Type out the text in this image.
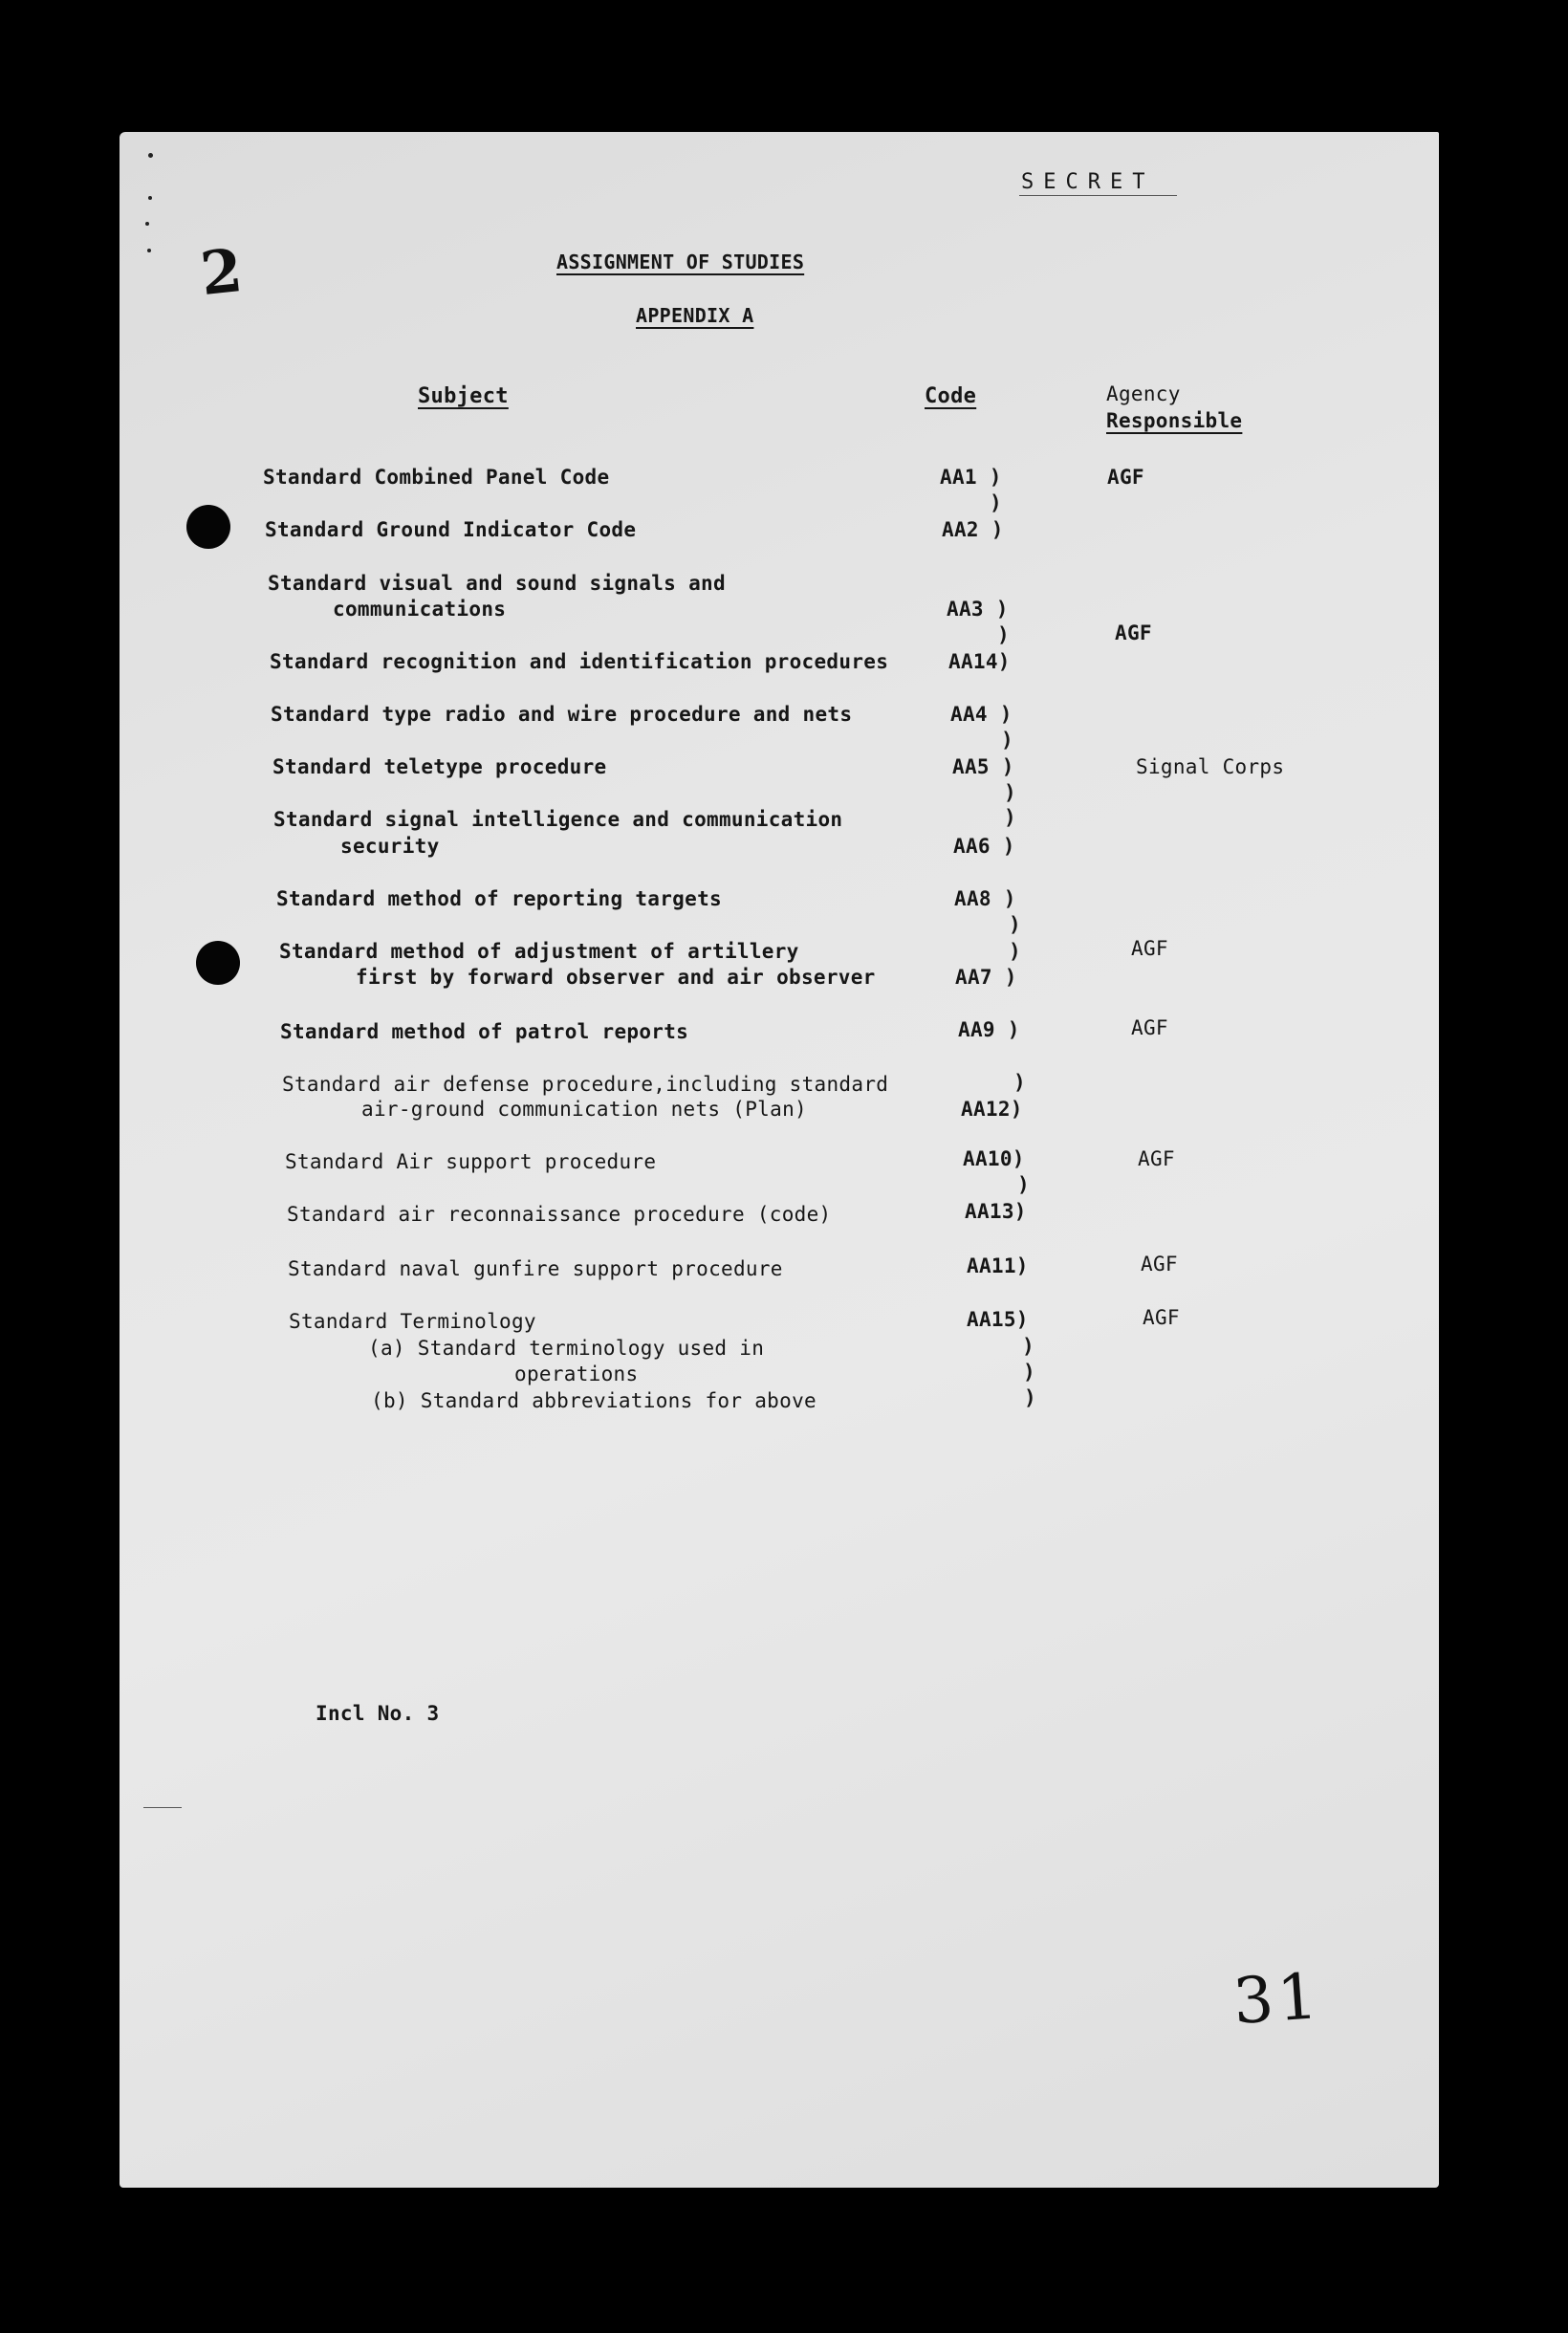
2
SECRET
ASSIGNMENT OF STUDIES
APPENDIX A
Subject	Code	Agency
Responsible
Standard Combined Panel Code	AA1 )	AGF
)
Standard Ground Indicator Code	AA2 )
Standard visual and sound signals and
communications	AA3 )
)	AGF
Standard recognition and identification procedures	AA14)
Standard type radio and wire procedure and nets	AA4 )
)
Standard teletype procedure	AA5 )	Signal Corps
)
Standard signal intelligence and communication	)
security	AA6 )
Standard method of reporting targets	AA8 )
)
Standard method of adjustment of artillery	)	AGF
first by forward observer and air observer	AA7 )
Standard method of patrol reports	AA9 )	AGF
Standard air defense procedure,including standard	)
air-ground communication nets (Plan)	AA12)
Standard Air support procedure	AA10)	AGF
)
Standard air reconnaissance procedure (code)	AA13)
Standard naval gunfire support procedure	AA11)	AGF
Standard Terminology	AA15)	AGF
(a) Standard terminology used in	)
operations	)
(b) Standard abbreviations for above	)
Incl No. 3
31
